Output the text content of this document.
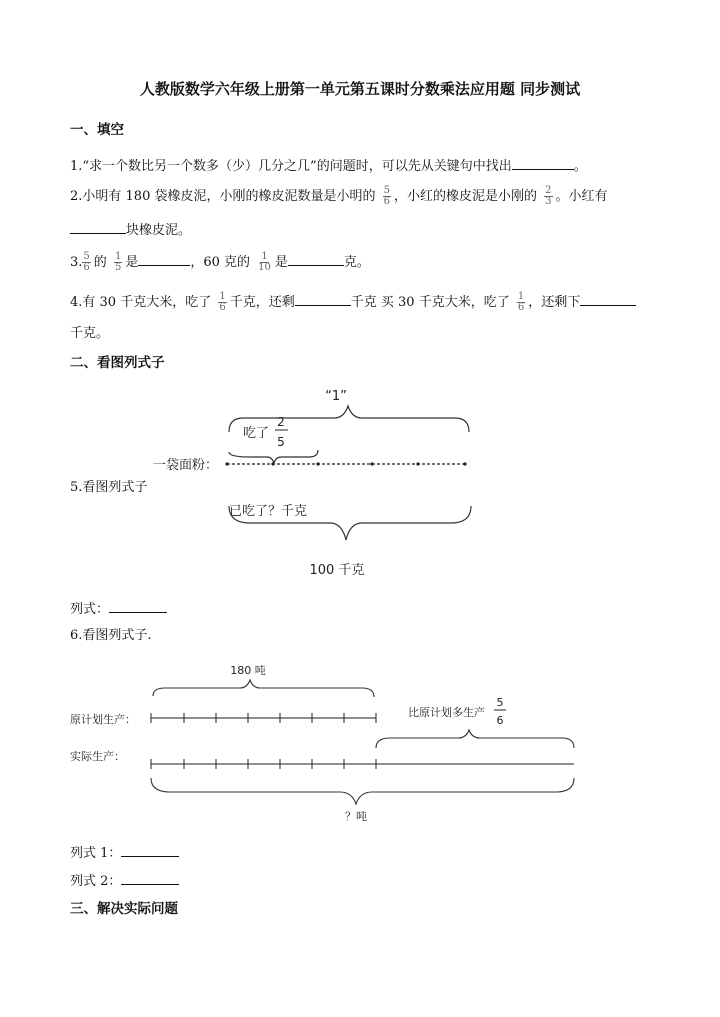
人教版数学六年级上册第一单元第五课时分数乘法应用题 同步测试
一、填空
1.“求一个数比另一个数多（少）几分之几”的问题时，可以先从关键句中找出	。
2.小明有 180 袋橡皮泥，小刚的橡皮泥数量是小明的 $\frac{5}{6}$ ，小红的橡皮泥是小刚的 $\frac{2}{3}$ 。小红有
块橡皮泥。
3. $\frac{5}{6}$ 的 $\frac{1}{5}$ 是	，60 克的 $\frac{1}{10}$ 是	克。
4.有 30 千克大米，吃了 $\frac{1}{6}$ 千克，还剩	千克 买 30 千克大米，吃了 $\frac{1}{6}$ ，还剩下
千克。
二、看图列式子
5.看图列式子
“1”
吃了
2
5
一袋面粉：
已吃了？千克
100 千克
180 吨
原计划生产：
比原计划多生产
5
6
实际生产：
？吨
列式：
6.看图列式子.
列式 1：
列式 2：
三、解决实际问题
